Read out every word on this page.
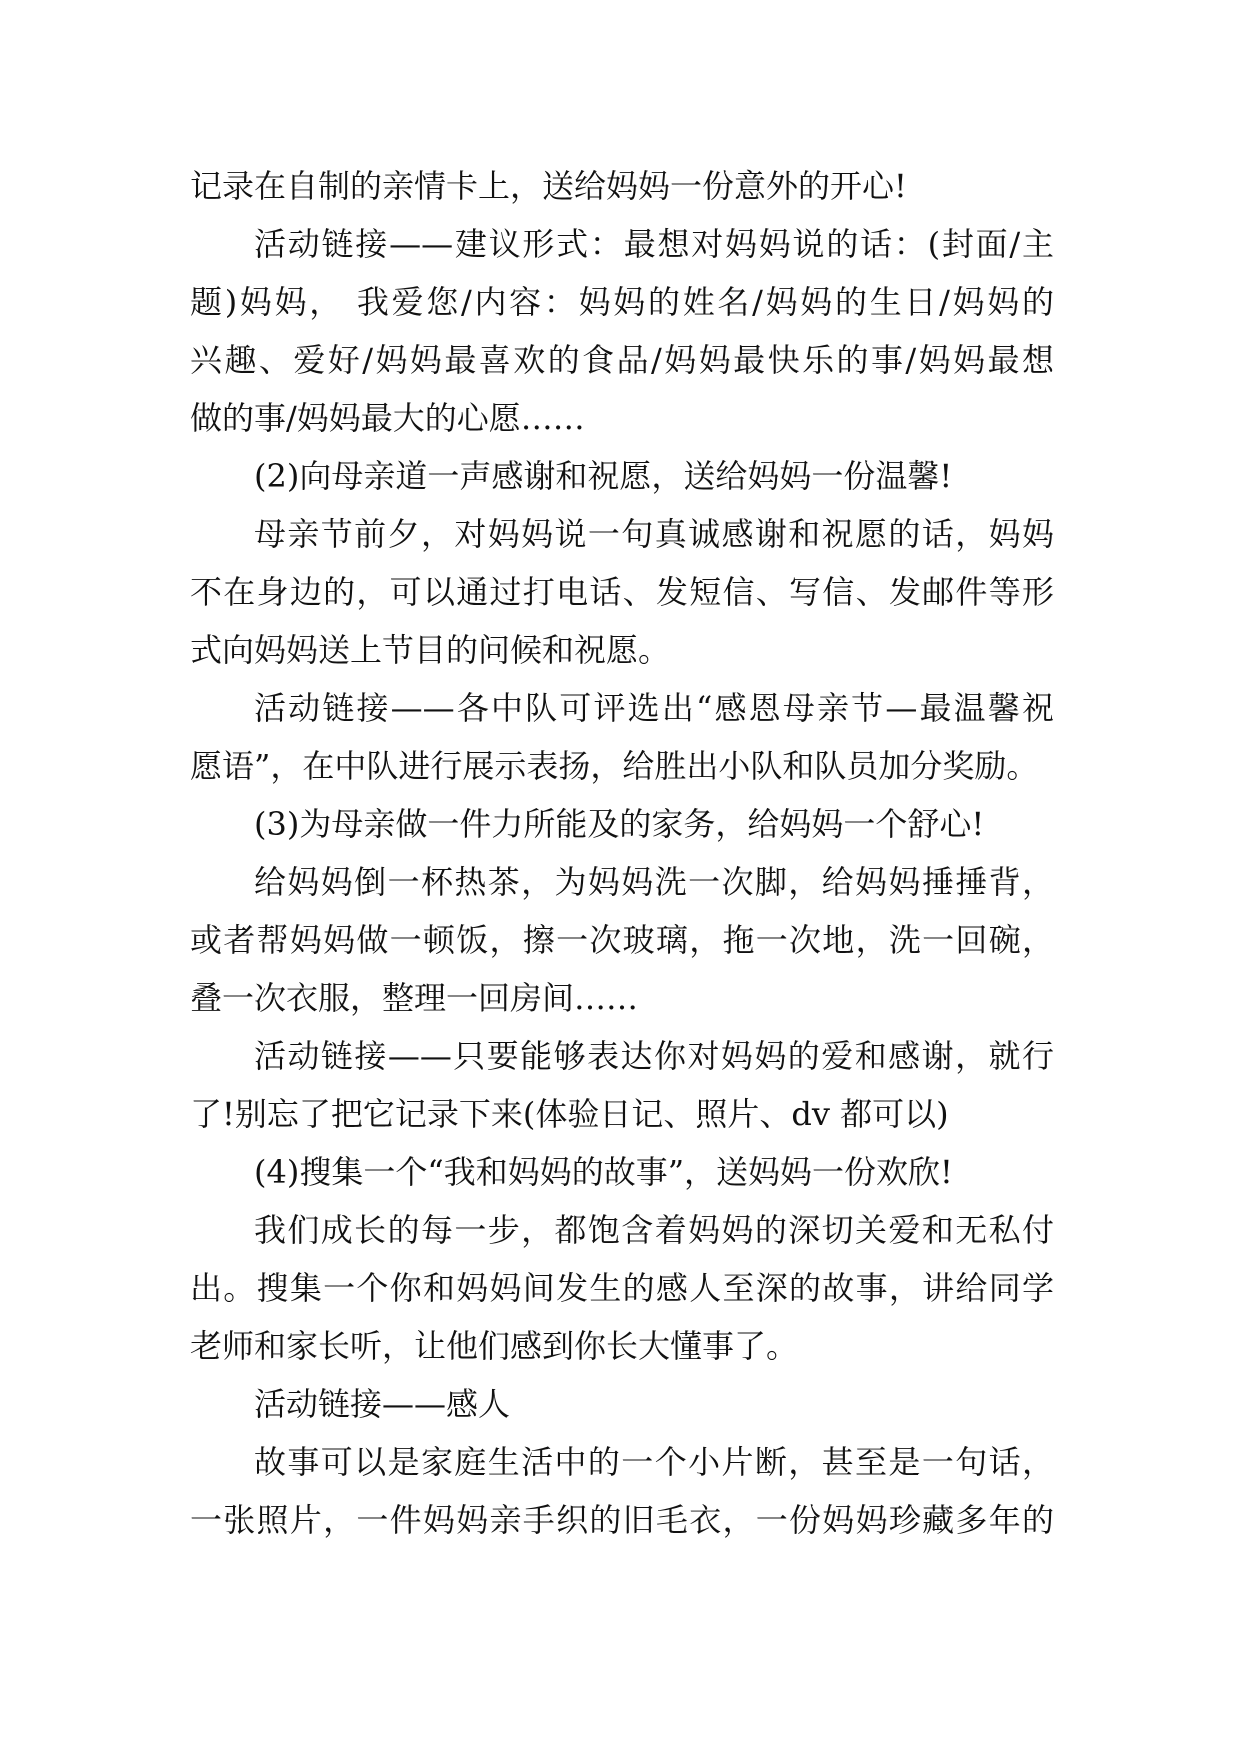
记录在自制的亲情卡上，送给妈妈一份意外的开心!
活动链接——建议形式：最想对妈妈说的话：(封面/主
题)妈妈， 我爱您/内容：妈妈的姓名/妈妈的生日/妈妈的
兴趣、爱好/妈妈最喜欢的食品/妈妈最快乐的事/妈妈最想
做的事/妈妈最大的心愿……
(2)向母亲道一声感谢和祝愿，送给妈妈一份温馨!
母亲节前夕，对妈妈说一句真诚感谢和祝愿的话，妈妈
不在身边的，可以通过打电话、发短信、写信、发邮件等形
式向妈妈送上节目的问候和祝愿。
活动链接——各中队可评选出“感恩母亲节—最温馨祝
愿语”，在中队进行展示表扬，给胜出小队和队员加分奖励。
(3)为母亲做一件力所能及的家务，给妈妈一个舒心!
给妈妈倒一杯热茶，为妈妈洗一次脚，给妈妈捶捶背，
或者帮妈妈做一顿饭，擦一次玻璃，拖一次地，洗一回碗，
叠一次衣服，整理一回房间……
活动链接——只要能够表达你对妈妈的爱和感谢，就行
了!别忘了把它记录下来(体验日记、照片、dv 都可以)
(4)搜集一个“我和妈妈的故事”，送妈妈一份欢欣!
我们成长的每一步，都饱含着妈妈的深切关爱和无私付
出。搜集一个你和妈妈间发生的感人至深的故事，讲给同学
老师和家长听，让他们感到你长大懂事了。
活动链接——感人
故事可以是家庭生活中的一个小片断，甚至是一句话，
一张照片，一件妈妈亲手织的旧毛衣，一份妈妈珍藏多年的
